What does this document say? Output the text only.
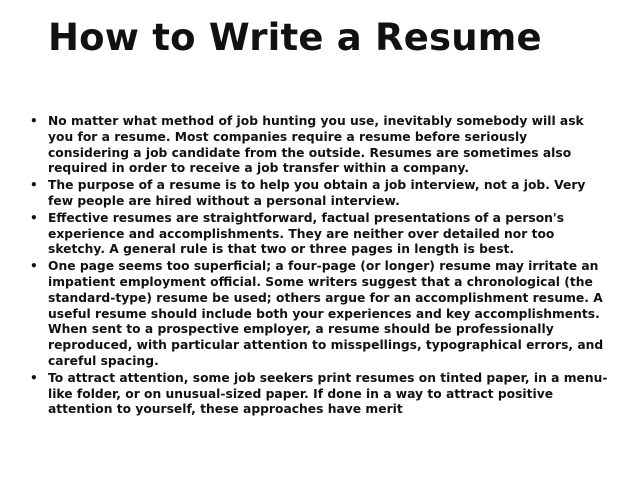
How to Write a Resume
• No matter what method of job hunting you use, inevitably somebody will ask you for a resume. Most companies require a resume before seriously considering a job candidate from the outside. Resumes are sometimes also required in order to receive a job transfer within a company.
• The purpose of a resume is to help you obtain a job interview, not a job. Very few people are hired without a personal interview.
• Effective resumes are straightforward, factual presentations of a person's experience and accomplishments. They are neither over detailed nor too sketchy. A general rule is that two or three pages in length is best.
• One page seems too superficial; a four-page (or longer) resume may irritate an impatient employment official. Some writers suggest that a chronological (the standard-type) resume be used; others argue for an accomplishment resume. A useful resume should include both your experiences and key accomplishments. When sent to a prospective employer, a resume should be professionally reproduced, with particular attention to misspellings, typographical errors, and careful spacing.
• To attract attention, some job seekers print resumes on tinted paper, in a menu-like folder, or on unusual-sized paper. If done in a way to attract positive attention to yourself, these approaches have merit
